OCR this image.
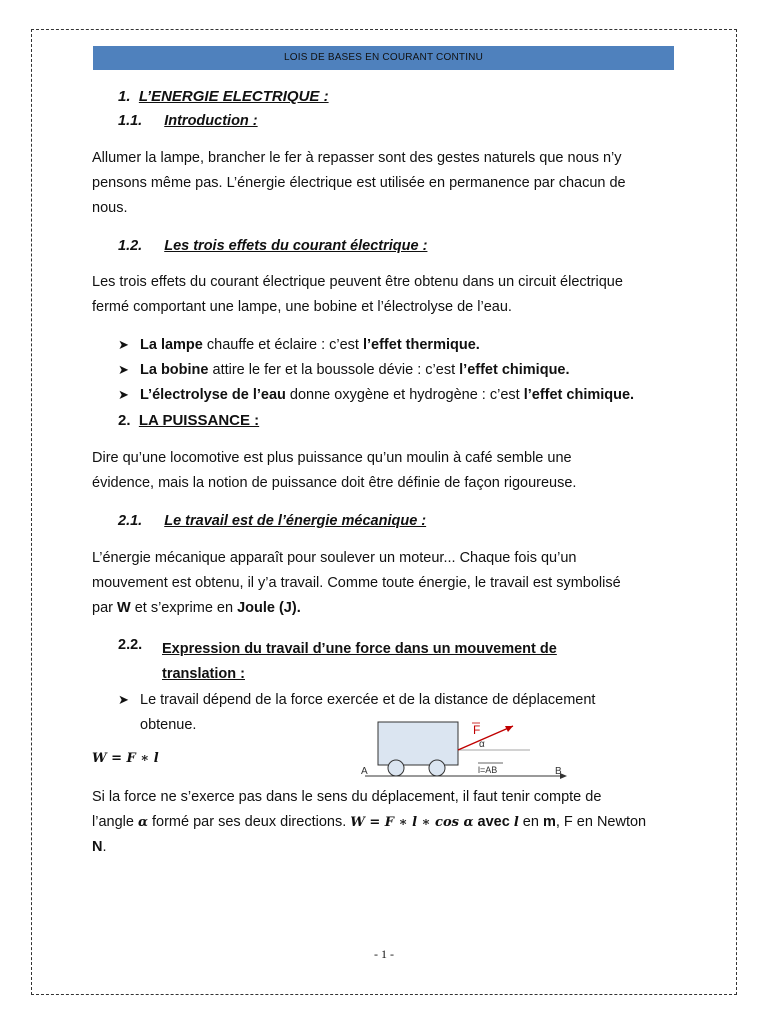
LOIS DE BASES EN COURANT CONTINU
1. L’ENERGIE ELECTRIQUE :
1.1. Introduction :
Allumer la lampe, brancher le fer à repasser sont des gestes naturels que nous n’y
pensons même pas. L’énergie électrique est utilisée en permanence par chacun de
nous.
1.2. Les trois effets du courant électrique :
Les trois effets du courant électrique peuvent être obtenu dans un circuit électrique
fermé comportant une lampe, une bobine et l’électrolyse de l’eau.
➤ La lampe chauffe et éclaire : c’est l’effet thermique.
➤ La bobine attire le fer et la boussole dévie : c’est l’effet chimique.
➤ L’électrolyse de l’eau donne oxygène et hydrogène : c’est l’effet chimique.
2. LA PUISSANCE :
Dire qu’une locomotive est plus puissance qu’un moulin à café semble une
évidence, mais la notion de puissance doit être définie de façon rigoureuse.
2.1. Le travail est de l’énergie mécanique :
L’énergie mécanique apparaît pour soulever un moteur... Chaque fois qu’un
mouvement est obtenu, il y’a travail. Comme toute énergie, le travail est symbolisé
par W et s’exprime en Joule (J).
2.2. Expression du travail d’une force dans un mouvement de
translation :
➤ Le travail dépend de la force exercée et de la distance de déplacement
obtenue.
W = F ∗ l
F
α
A	B
l=AB
Si la force ne s’exerce pas dans le sens du déplacement, il faut tenir compte de
l’angle α formé par ses deux directions. W = F ∗ l ∗ cos α avec l en m, F en Newton
N.
- 1 -
